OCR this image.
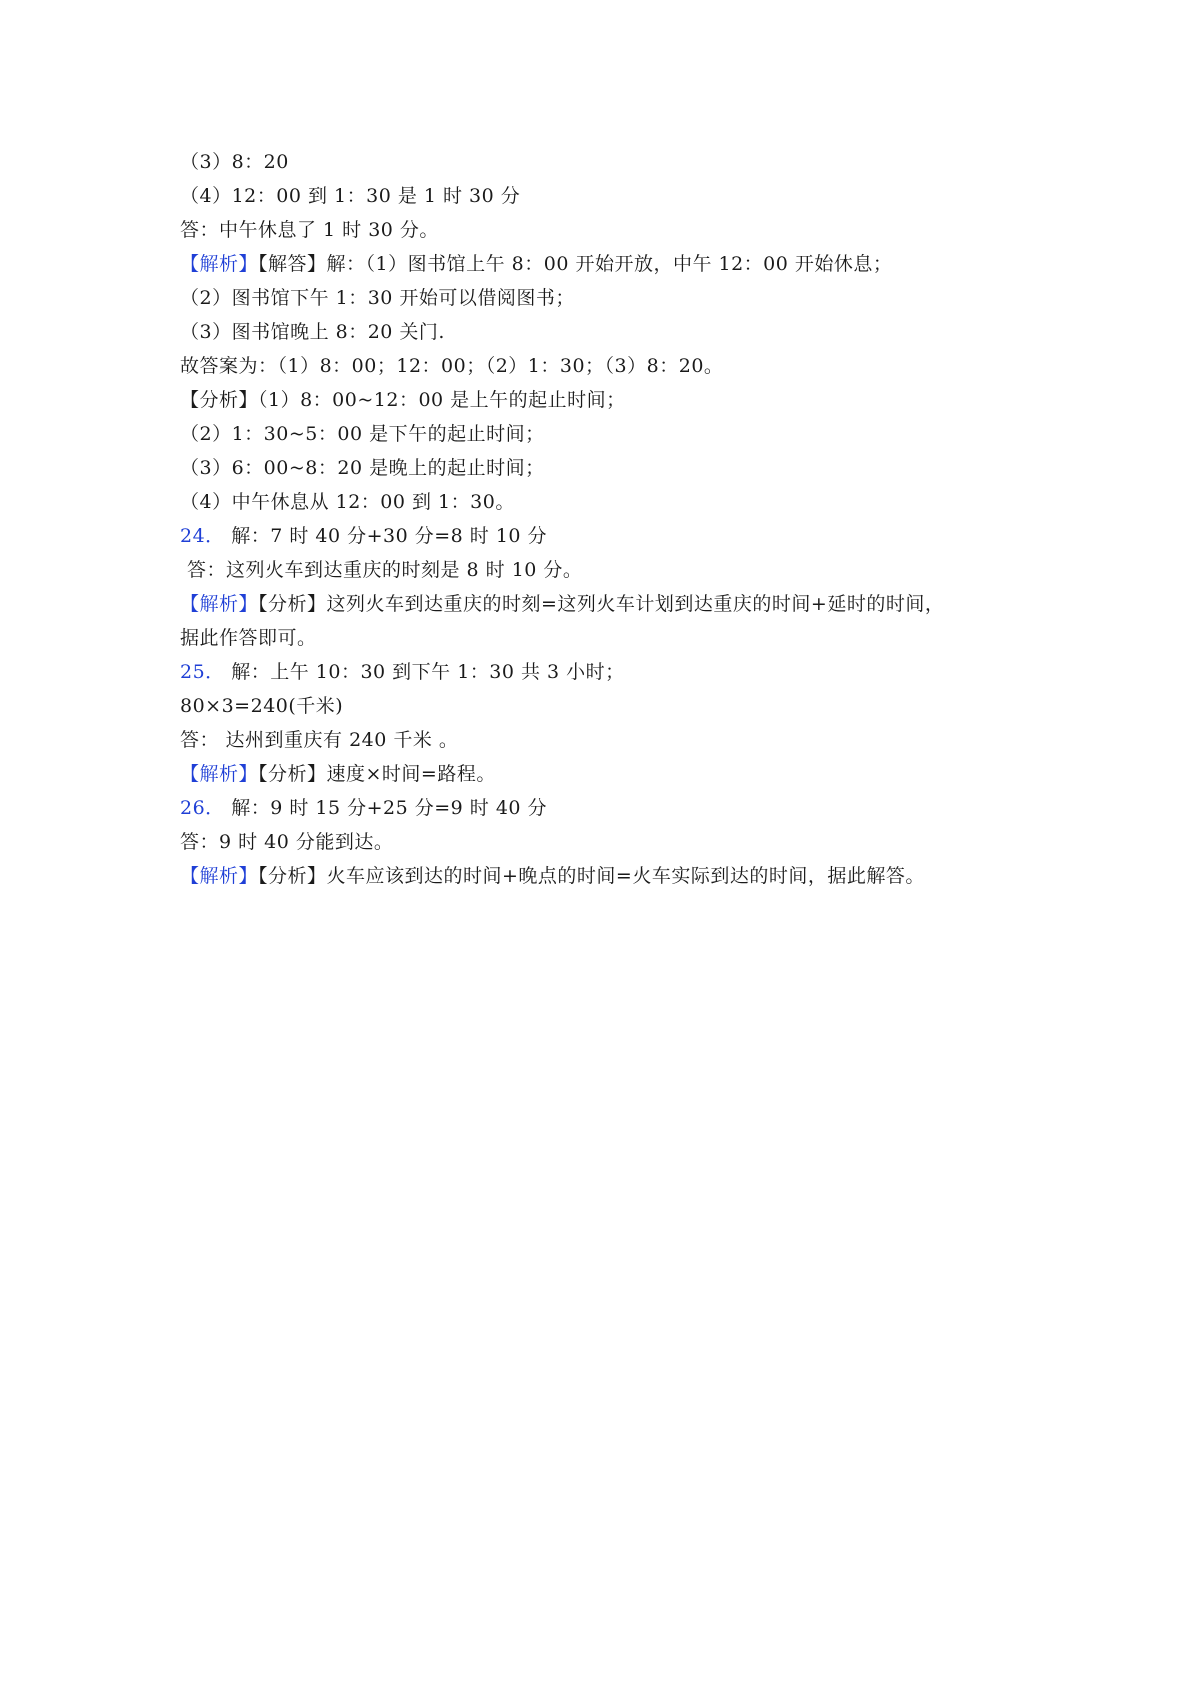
（3）8：20
（4）12：00 到 1：30 是 1 时 30 分
答：中午休息了 1 时 30 分。
【解析】【解答】解：（1）图书馆上午 8：00 开始开放，中午 12：00 开始休息；
（2）图书馆下午 1：30 开始可以借阅图书；
（3）图书馆晚上 8：20 关门.
故答案为：（1）8：00；12：00；（2）1：30；（3）8：20。
【分析】（1）8：00~12：00 是上午的起止时间；
（2）1：30~5：00 是下午的起止时间；
（3）6：00~8：20 是晚上的起止时间；
（4）中午休息从 12：00 到 1：30。
24． 解：7 时 40 分+30 分=8 时 10 分
答：这列火车到达重庆的时刻是 8 时 10 分。
【解析】【分析】这列火车到达重庆的时刻=这列火车计划到达重庆的时间+延时的时间，
据此作答即可。
25． 解：上午 10：30 到下午 1：30 共 3 小时；
80×3=240(千米)
答： 达州到重庆有 240 千米 。
【解析】【分析】速度×时间=路程。
26． 解：9 时 15 分+25 分=9 时 40 分
答：9 时 40 分能到达。
【解析】【分析】火车应该到达的时间+晚点的时间=火车实际到达的时间，据此解答。
